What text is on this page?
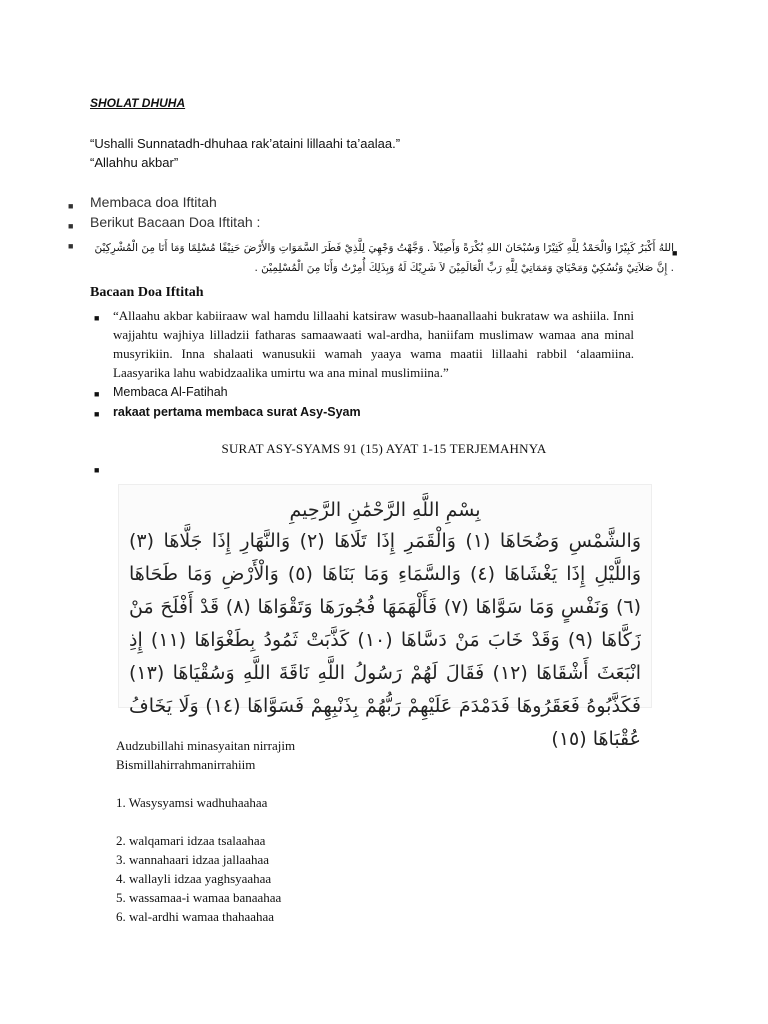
SHOLAT DHUHA
“Ushalli Sunnatadh-dhuhaa rak’ataini lillaahi ta’aalaa.”
“Allahhu akbar”
■ Membaca doa Iftitah
■ Berikut Bacaan Doa Iftitah :
■
■
اللهُ أَكْبَرُ كَبِيْرًا وَالْحَمْدُ لِلَّهِ كَثِيْرًا وَسُبْحَانَ اللهِ بُكْرَةً وَأَصِيْلاً . وَجَّهْتُ وَجْهِيَ لِلَّذِيْ فَطَرَ السَّمَوَاتِ وَالأَرْضَ حَنِيْفًا مُسْلِمًا وَمَا أَنَا مِنَ الْمُشْرِكِيْنَ . إِنَّ صَلاَتِيْ وَنُسُكِيْ وَمَحْيَايَ وَمَمَاتِيْ لِلَّهِ رَبِّ الْعَالَمِيْنَ لاَ شَرِيْكَ لَهُ وَبِذَلِكَ أُمِرْتُ وَأَنَا مِنَ الْمُسْلِمِيْنَ .
Bacaan Doa Iftitah
■ “Allaahu akbar kabiiraaw wal hamdu lillaahi katsiraw wasub-haanallaahi bukrataw wa ashiila. Inni wajjahtu wajhiya lilladzii fatharas samaawaati wal-ardha, haniifam muslimaw wamaa ana minal musyrikiin. Inna shalaati wanusukii wamah yaaya wama maatii lillaahi rabbil ‘alaamiina. Laasyarika lahu wabidzaalika umirtu wa ana minal muslimiina.”
■ Membaca Al-Fatihah
■ rakaat pertama membaca surat Asy-Syam
SURAT ASY-SYAMS 91 (15) AYAT 1-15 TERJEMAHNYA
■
بِسْمِ اللَّهِ الرَّحْمَٰنِ الرَّحِيمِ
وَالشَّمْسِ وَضُحَاهَا (١) وَالْقَمَرِ إِذَا تَلَاهَا (٢) وَالنَّهَارِ إِذَا جَلَّاهَا (٣) وَاللَّيْلِ إِذَا يَغْشَاهَا (٤) وَالسَّمَاءِ وَمَا بَنَاهَا (٥) وَالْأَرْضِ وَمَا طَحَاهَا (٦) وَنَفْسٍ وَمَا سَوَّاهَا (٧) فَأَلْهَمَهَا فُجُورَهَا وَتَقْوَاهَا (٨) قَدْ أَفْلَحَ مَنْ زَكَّاهَا (٩) وَقَدْ خَابَ مَنْ دَسَّاهَا (١٠) كَذَّبَتْ ثَمُودُ بِطَغْوَاهَا (١١) إِذِ انْبَعَثَ أَشْقَاهَا (١٢) فَقَالَ لَهُمْ رَسُولُ اللَّهِ نَاقَةَ اللَّهِ وَسُقْيَاهَا (١٣) فَكَذَّبُوهُ فَعَقَرُوهَا فَدَمْدَمَ عَلَيْهِمْ رَبُّهُمْ بِذَنْبِهِمْ فَسَوَّاهَا (١٤) وَلَا يَخَافُ عُقْبَاهَا (١٥)
Audzubillahi minasyaitan nirrajim
Bismillahirrahmanirrahiim
1. Wasysyamsi wadhuhaahaa
2. walqamari idzaa tsalaahaa
3. wannahaari idzaa jallaahaa
4. wallayli idzaa yaghsyaahaa
5. wassamaa-i wamaa banaahaa
6. wal-ardhi wamaa thahaahaa
